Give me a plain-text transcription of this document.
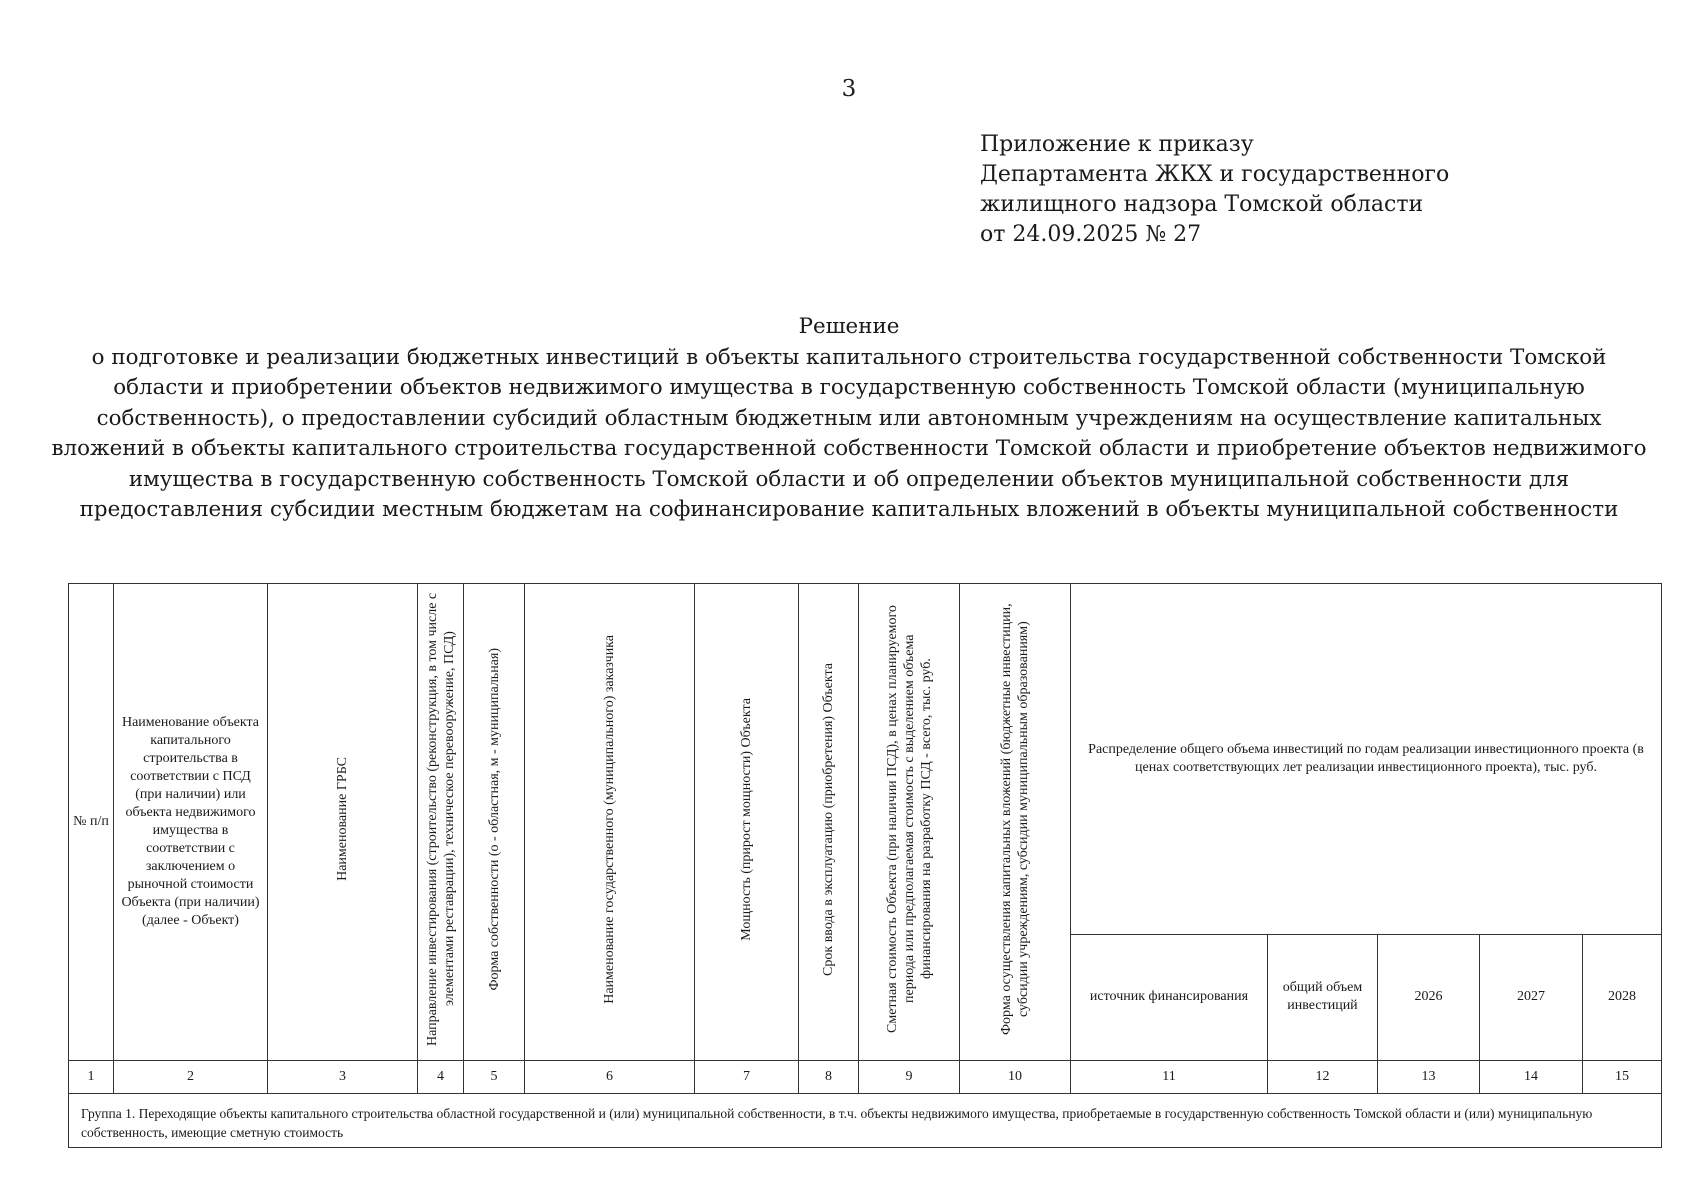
3
Приложение к приказу
Департамента ЖКХ и государственного
жилищного надзора Томской области
от 24.09.2025 № 27
Решение
о подготовке и реализации бюджетных инвестиций в объекты капитального строительства государственной собственности Томской
области и приобретении объектов недвижимого имущества в государственную собственность Томской области (муниципальную
собственность), о предоставлении субсидий областным бюджетным или автономным учреждениям на осуществление капитальных
вложений в объекты капитального строительства государственной собственности Томской области и приобретение объектов недвижимого
имущества в государственную собственность Томской области и об определении объектов муниципальной собственности для
предоставления субсидии местным бюджетам на софинансирование капитальных вложений в объекты муниципальной собственности
№ п/п	Наименование объекта капитального строительства в соответствии с ПСД (при наличии) или объекта недвижимого имущества в соответствии с заключением о рыночной стоимости Объекта (при наличии) (далее - Объект)	Наименование ГРБС	Направление инвестирования (строительство (реконструкция, в том числе с элементами реставрации), техническое перевооружение, ПСД)	Форма собственности (о - областная, м - муниципальная)	Наименование государственного (муниципального) заказчика	Мощность (прирост мощности) Объекта	Срок ввода в эксплуатацию (приобретения) Объекта	Сметная стоимость Объекта (при наличии ПСД), в ценах планируемого периода или предполагаемая стоимость с выделением объема финансирования на разработку ПСД - всего, тыс. руб.	Форма осуществления капитальных вложений (бюджетные инвестиции, субсидии учреждениям, субсидии муниципальным образованиям)	Распределение общего объема инвестиций по годам реализации инвестиционного проекта (в ценах соответствующих лет реализации инвестиционного проекта), тыс. руб.				
										источник финансирования	общий объем инвестиций	2026	2027	2028
1	2	3	4	5	6	7	8	9	10	11	12	13	14	15
Группа 1. Переходящие объекты капитального строительства областной государственной и (или) муниципальной собственности, в т.ч. объекты недвижимого имущества, приобретаемые в государственную собственность Томской области и (или) муниципальную собственность, имеющие сметную стоимость														
